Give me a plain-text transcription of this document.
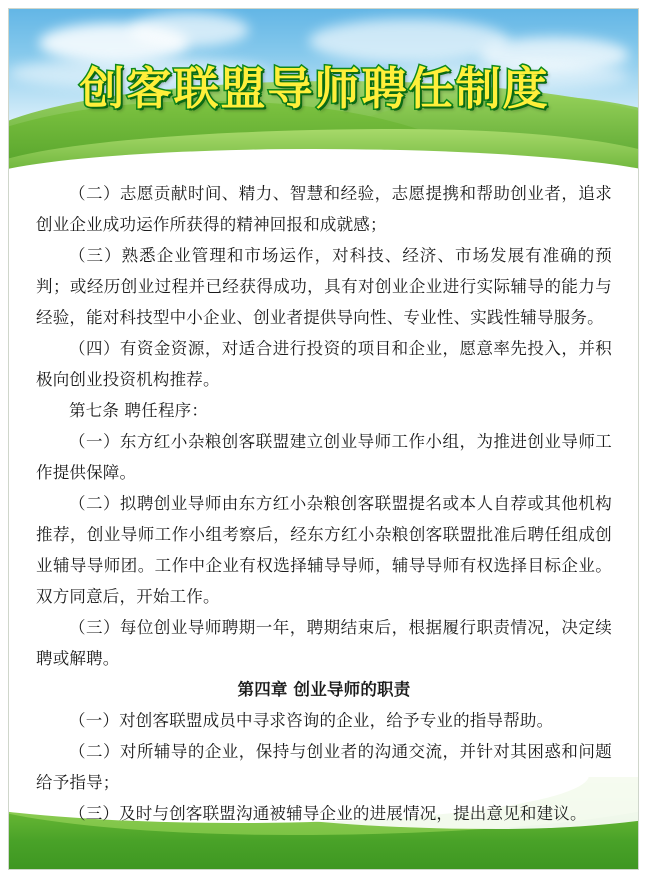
创客联盟导师聘任制度

（二）志愿贡献时间、精力、智慧和经验，志愿提携和帮助创业者，追求创业企业成功运作所获得的精神回报和成就感；

（三）熟悉企业管理和市场运作，对科技、经济、市场发展有准确的预判；或经历创业过程并已经获得成功，具有对创业企业进行实际辅导的能力与经验，能对科技型中小企业、创业者提供导向性、专业性、实践性辅导服务。

（四）有资金资源，对适合进行投资的项目和企业，愿意率先投入，并积极向创业投资机构推荐。

第七条 聘任程序：

（一）东方红小杂粮创客联盟建立创业导师工作小组，为推进创业导师工作提供保障。

（二）拟聘创业导师由东方红小杂粮创客联盟提名或本人自荐或其他机构推荐，创业导师工作小组考察后，经东方红小杂粮创客联盟批准后聘任组成创业辅导导师团。工作中企业有权选择辅导导师，辅导导师有权选择目标企业。双方同意后，开始工作。

（三）每位创业导师聘期一年，聘期结束后，根据履行职责情况，决定续聘或解聘。

第四章 创业导师的职责

（一）对创客联盟成员中寻求咨询的企业，给予专业的指导帮助。

（二）对所辅导的企业，保持与创业者的沟通交流，并针对其困惑和问题给予指导；

（三）及时与创客联盟沟通被辅导企业的进展情况，提出意见和建议。
